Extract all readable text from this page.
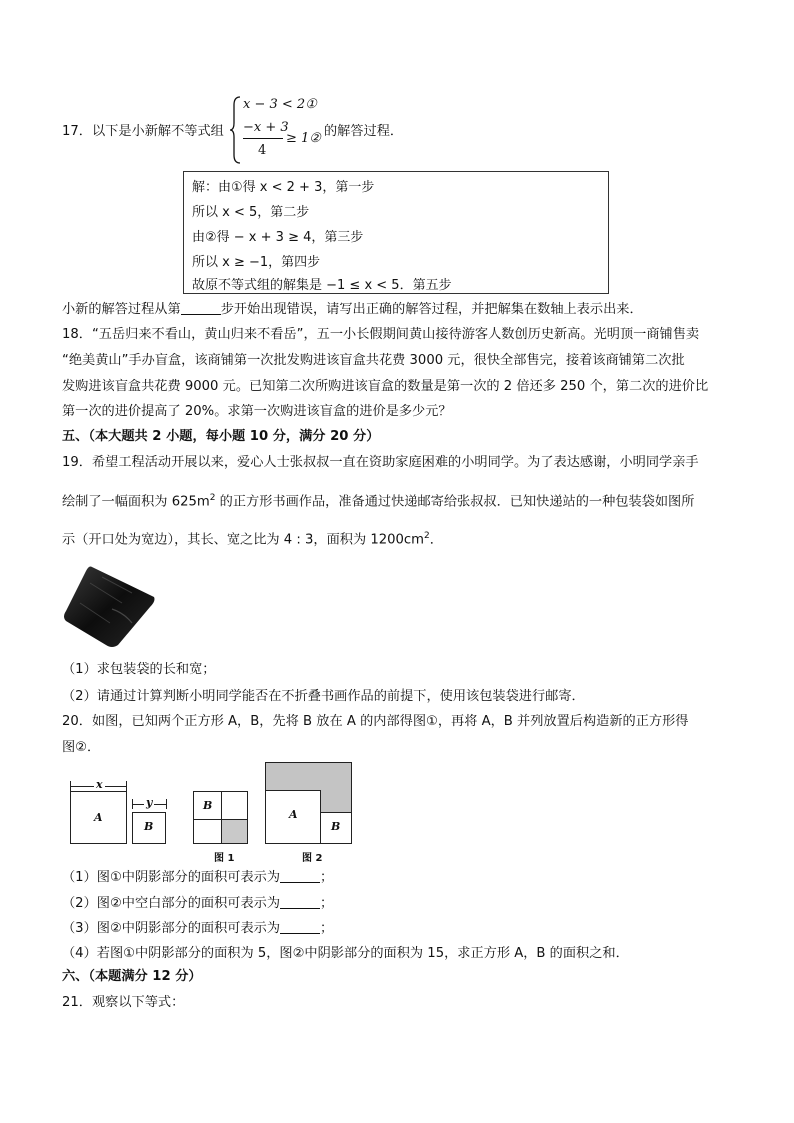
17．以下是小新解不等式组
x − 3 < 2①
−x + 3
4
≥ 1② 的解答过程．
解：由①得 x < 2 + 3，第一步
所以 x < 5，第二步
由②得 − x + 3 ≥ 4，第三步
所以 x ≥ −1，第四步
故原不等式组的解集是 −1 ≤ x < 5．第五步
小新的解答过程从第	步开始出现错误，请写出正确的解答过程，并把解集在数轴上表示出来．
18．“五岳归来不看山，黄山归来不看岳”，五一小长假期间黄山接待游客人数创历史新高。光明顶一商铺售卖
“绝美黄山”手办盲盒，该商铺第一次批发购进该盲盒共花费 3000 元，很快全部售完，接着该商铺第二次批
发购进该盲盒共花费 9000 元。已知第二次所购进该盲盒的数量是第一次的 2 倍还多 250 个，第二次的进价比
第一次的进价提高了 20%。求第一次购进该盲盒的进价是多少元？
五、（本大题共 2 小题，每小题 10 分，满分 20 分）
19．希望工程活动开展以来，爱心人士张叔叔一直在资助家庭困难的小明同学。为了表达感谢，小明同学亲手
绘制了一幅面积为 $625m^2$ 的正方形书画作品，准备通过快递邮寄给张叔叔．已知快递站的一种包装袋如图所
示（开口处为宽边），其长、宽之比为 4 : 3，面积为 $1200cm^2$．
（1）求包装袋的长和宽；
（2）请通过计算判断小明同学能否在不折叠书画作品的前提下，使用该包装袋进行邮寄．
20．如图，已知两个正方形 A，B，先将 B 放在 A 的内部得图①，再将 A，B 并列放置后构造新的正方形得
图②．
x
A
y
B
B
图 1
A
B
图 2
（1）图①中阴影部分的面积可表示为	；
（2）图②中空白部分的面积可表示为	；
（3）图②中阴影部分的面积可表示为	；
（4）若图①中阴影部分的面积为 5，图②中阴影部分的面积为 15，求正方形 A，B 的面积之和．
六、（本题满分 12 分）
21．观察以下等式：
